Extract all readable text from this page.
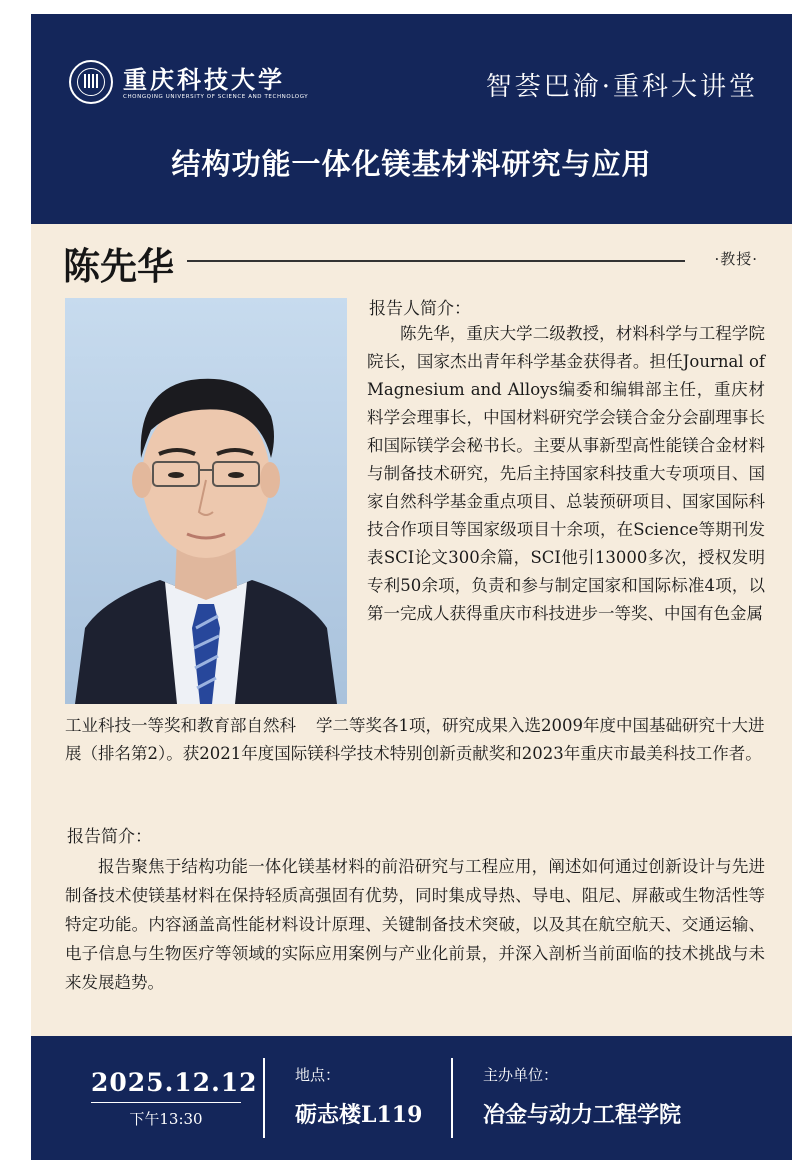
重庆科技大学
CHONGQING UNIVERSITY OF SCIENCE AND TECHNOLOGY	智荟巴渝·重科大讲堂
结构功能一体化镁基材料研究与应用
陈先华	·教授·
报告人简介：

陈先华，重庆大学二级教授，材料科学与工程学院院长，国家杰出青年科学基金获得者。担任Journal of Magnesium and Alloys编委和编辑部主任，重庆材料学会理事长，中国材料研究学会镁合金分会副理事长和国际镁学会秘书长。主要从事新型高性能镁合金材料与制备技术研究，先后主持国家科技重大专项项目、国家自然科学基金重点项目、总装预研项目、国家国际科技合作项目等国家级项目十余项，在Science等期刊发表SCI论文300余篇，SCI他引13000多次，授权发明专利50余项，负责和参与制定国家和国际标准4项，以第一完成人获得重庆市科技进步一等奖、中国有色金属

工业科技一等奖和教育部自然科 学二等奖各1项，研究成果入选2009年度中国基础研究十大进展（排名第2）。获2021年度国际镁科学技术特别创新贡献奖和2023年重庆市最美科技工作者。

报告简介：

报告聚焦于结构功能一体化镁基材料的前沿研究与工程应用，阐述如何通过创新设计与先进制备技术使镁基材料在保持轻质高强固有优势，同时集成导热、导电、阻尼、屏蔽或生物活性等特定功能。内容涵盖高性能材料设计原理、关键制备技术突破，以及其在航空航天、交通运输、电子信息与生物医疗等领域的实际应用案例与产业化前景，并深入剖析当前面临的技术挑战与未来发展趋势。

2025.12.12
下午13:30
地点：
砺志楼L119
主办单位：
冶金与动力工程学院
